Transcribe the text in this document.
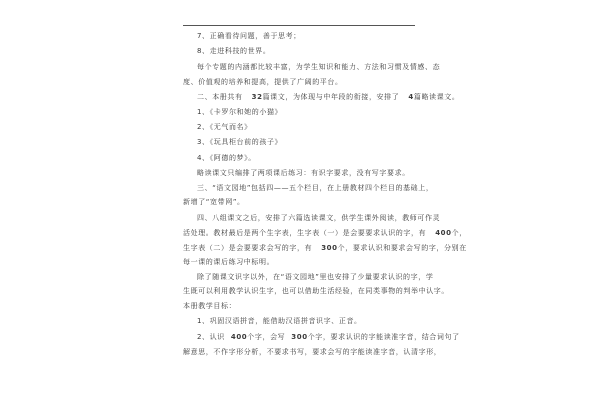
7、正确看待问题，善于思考；
8、走进科技的世界。
每个专题的内涵都比较丰富，为学生知识和能力、方法和习惯及情感、态
度、价值观的培养和提高，提供了广阔的平台。
二、本册共有 32篇课文，为体现与中年段的衔接，安排了 4篇略读课文。
1、《卡罗尔和她的小猫》
2、《无气而名》
3、《玩具柜台前的孩子》
4、《阿德的梦》。
略读课文只编排了两项课后练习：有识字要求，没有写字要求。
三、“语文园地”包括四——五个栏目，在上册教材四个栏目的基础上，
新增了“宽带网”。
四、八组课文之后，安排了六篇选读课文，供学生课外阅读，教师可作灵
活处理。教材最后是两个生字表，生字表（一）是会要要求认识的字，有 400个，
生字表（二）是会要要求会写的字，有 300个，要求认识和要求会写的字，分别在
每一课的课后练习中标明。
除了随课文识字以外，在“语文园地”里也安排了少量要求认识的字，学
生既可以利用教学认识生字，也可以借助生活经验，在同类事物的判举中认字。
本册教学目标：
1、巩固汉语拼音，能借助汉语拼音识字、正音。
2、认识 400个字，会写 300个字，要求认识的字能读准字音，结合词句了
解意思，不作字形分析，不要求书写，要求会写的字能读准字音，认清字形，
